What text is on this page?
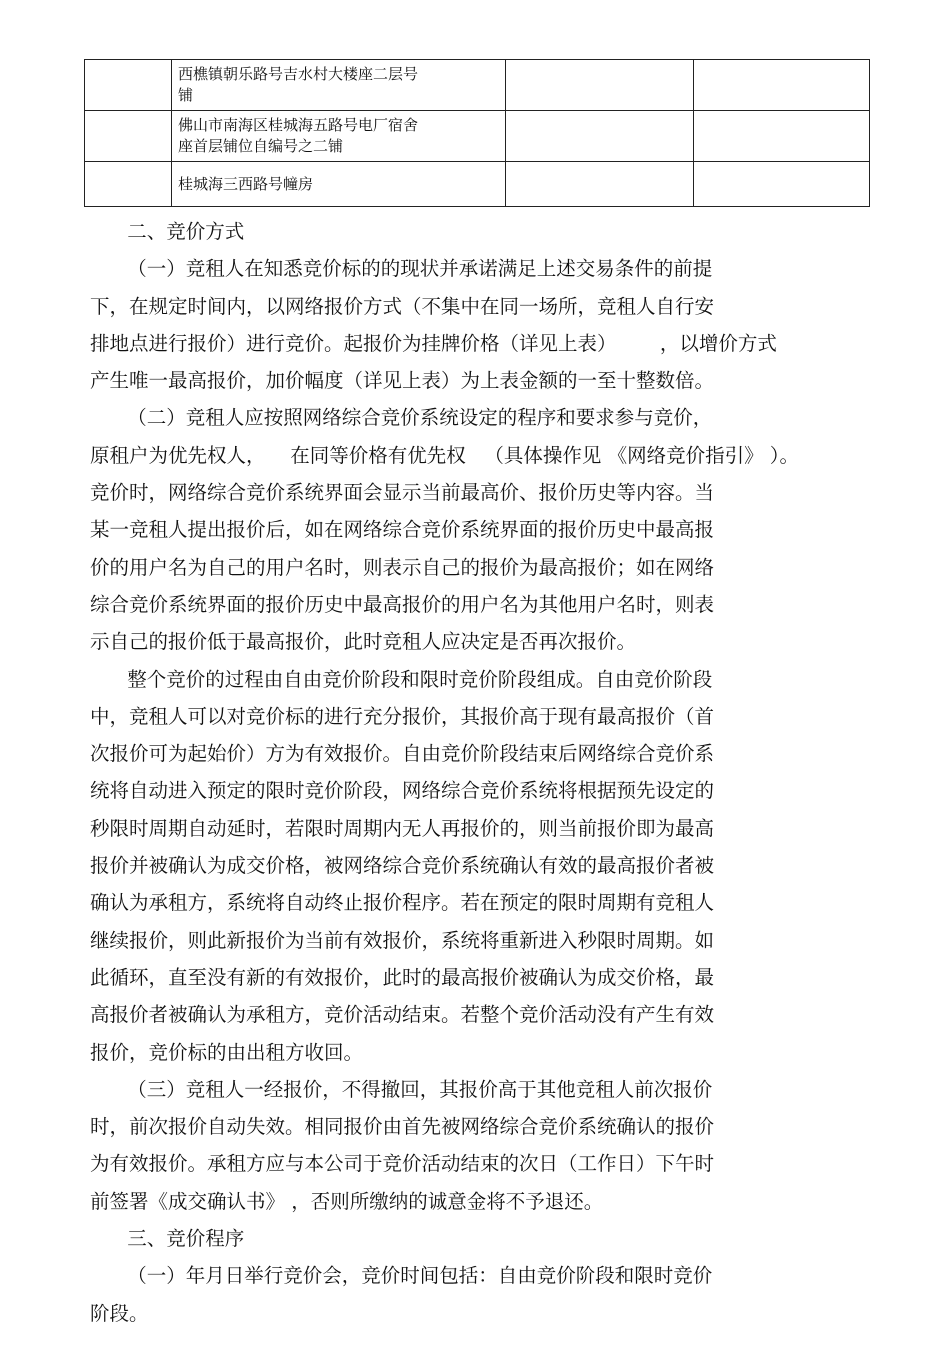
	西樵镇朝乐路号吉水村大楼座二层号
铺		

	佛山市南海区桂城海五路号电厂宿舍
座首层铺位自编号之二铺		

	桂城海三西路号幢房		

二、竞价方式
（一）竞租人在知悉竞价标的的现状并承诺满足上述交易条件的前提
下，在规定时间内，以网络报价方式（不集中在同一场所，竞租人自行安
排地点进行报价）进行竞价。起报价为挂牌价格（详见上表）       ，以增价方式
产生唯一最高报价，加价幅度（详见上表）为上表金额的一至十整数倍。
（二）竞租人应按照网络综合竞价系统设定的程序和要求参与竞价，
原租户为优先权人，    在同等价格有优先权   （具体操作见 《网络竞价指引》 ）。
竞价时，网络综合竞价系统界面会显示当前最高价、报价历史等内容。当
某一竞租人提出报价后，如在网络综合竞价系统界面的报价历史中最高报
价的用户名为自己的用户名时，则表示自己的报价为最高报价；如在网络
综合竞价系统界面的报价历史中最高报价的用户名为其他用户名时，则表
示自己的报价低于最高报价，此时竞租人应决定是否再次报价。
整个竞价的过程由自由竞价阶段和限时竞价阶段组成。自由竞价阶段
中，竞租人可以对竞价标的进行充分报价，其报价高于现有最高报价（首
次报价可为起始价）方为有效报价。自由竞价阶段结束后网络综合竞价系
统将自动进入预定的限时竞价阶段，网络综合竞价系统将根据预先设定的
秒限时周期自动延时，若限时周期内无人再报价的，则当前报价即为最高
报价并被确认为成交价格，被网络综合竞价系统确认有效的最高报价者被
确认为承租方，系统将自动终止报价程序。若在预定的限时周期有竞租人
继续报价，则此新报价为当前有效报价，系统将重新进入秒限时周期。如
此循环，直至没有新的有效报价，此时的最高报价被确认为成交价格，最
高报价者被确认为承租方，竞价活动结束。若整个竞价活动没有产生有效
报价，竞价标的由出租方收回。
（三）竞租人一经报价，不得撤回，其报价高于其他竞租人前次报价
时，前次报价自动失效。相同报价由首先被网络综合竞价系统确认的报价
为有效报价。承租方应与本公司于竞价活动结束的次日（工作日）下午时
前签署《成交确认书》 ，否则所缴纳的诚意金将不予退还。
三、竞价程序
（一）年月日举行竞价会，竞价时间包括：自由竞价阶段和限时竞价
阶段。
